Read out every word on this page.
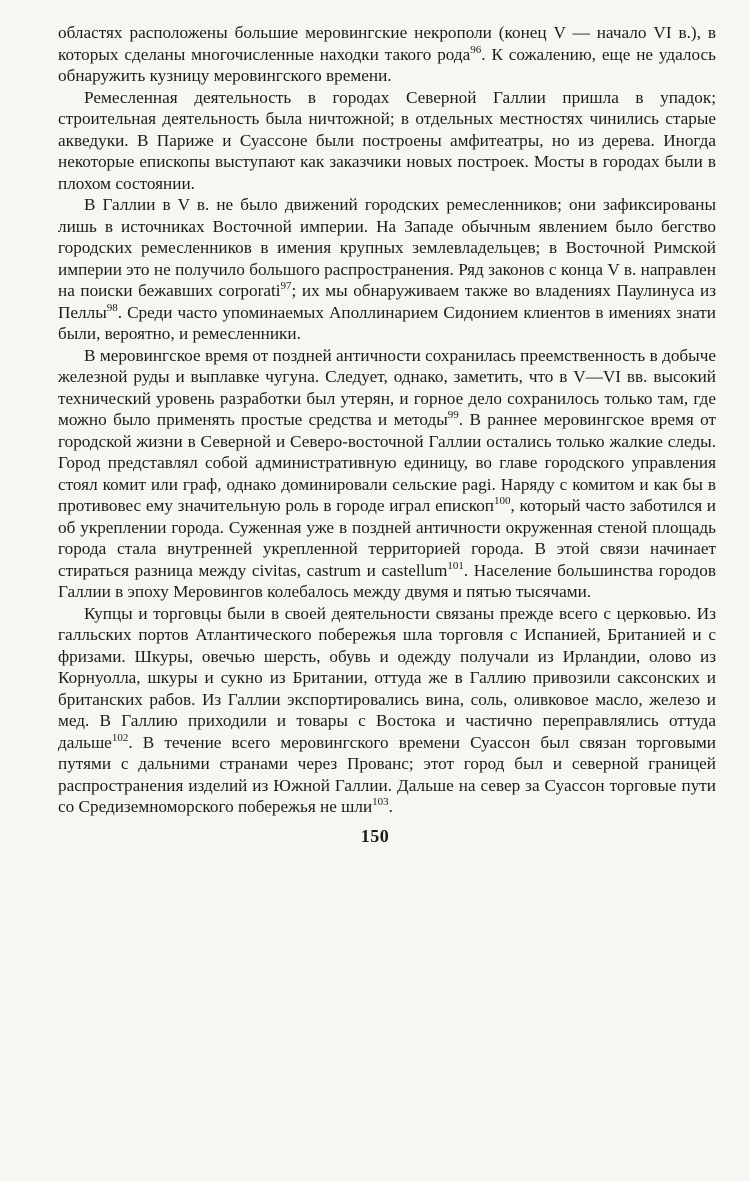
областях расположены большие меровингские некрополи (конец V — начало VI в.), в которых сделаны многочисленные находки такого рода$^{96}$. К сожалению, еще не удалось обнаружить кузницу меровингского времени.

Ремесленная деятельность в городах Северной Галлии пришла в упадок; строительная деятельность была ничтожной; в отдельных местностях чинились старые акведуки. В Париже и Суассоне были построены амфитеатры, но из дерева. Иногда некоторые епископы выступают как заказчики новых построек. Мосты в городах были в плохом состоянии.

В Галлии в V в. не было движений городских ремесленников; они зафиксированы лишь в источниках Восточной империи. На Западе обычным явлением было бегство городских ремесленников в имения крупных землевладельцев; в Восточной Римской империи это не получило большого распространения. Ряд законов с конца V в. направлен на поиски бежавших corporati$^{97}$; их мы обнаруживаем также во владениях Паулинуса из Пеллы$^{98}$. Среди часто упоминаемых Аполлинарием Сидонием клиентов в имениях знати были, вероятно, и ремесленники.

В меровингское время от поздней античности сохранилась преемственность в добыче железной руды и выплавке чугуна. Следует, однако, заметить, что в V—VI вв. высокий технический уровень разработки был утерян, и горное дело сохранилось только там, где можно было применять простые средства и методы$^{99}$. В раннее меровингское время от городской жизни в Северной и Северо-восточной Галлии остались только жалкие следы. Город представлял собой административную единицу, во главе городского управления стоял комит или граф, однако доминировали сельские pagi. Наряду с комитом и как бы в противовес ему значительную роль в городе играл епископ$^{100}$, который часто заботился и об укреплении города. Суженная уже в поздней античности окруженная стеной площадь города стала внутренней укрепленной территорией города. В этой связи начинает стираться разница между civitas, castrum и castellum$^{101}$. Население большинства городов Галлии в эпоху Меровингов колебалось между двумя и пятью тысячами.

Купцы и торговцы были в своей деятельности связаны прежде всего с церковью. Из галльских портов Атлантического побережья шла торговля с Испанией, Британией и с фризами. Шкуры, овечью шерсть, обувь и одежду получали из Ирландии, олово из Корнуолла, шкуры и сукно из Британии, оттуда же в Галлию привозили саксонских и британских рабов. Из Галлии экспортировались вина, соль, оливковое масло, железо и мед. В Галлию приходили и товары с Востока и частично переправлялись оттуда дальше$^{102}$. В течение всего меровингского времени Суассон был связан торговыми путями с дальними странами через Прованс; этот город был и северной границей распространения изделий из Южной Галлии. Дальше на север за Суассон торговые пути со Средиземноморского побережья не шли$^{103}$.

150
